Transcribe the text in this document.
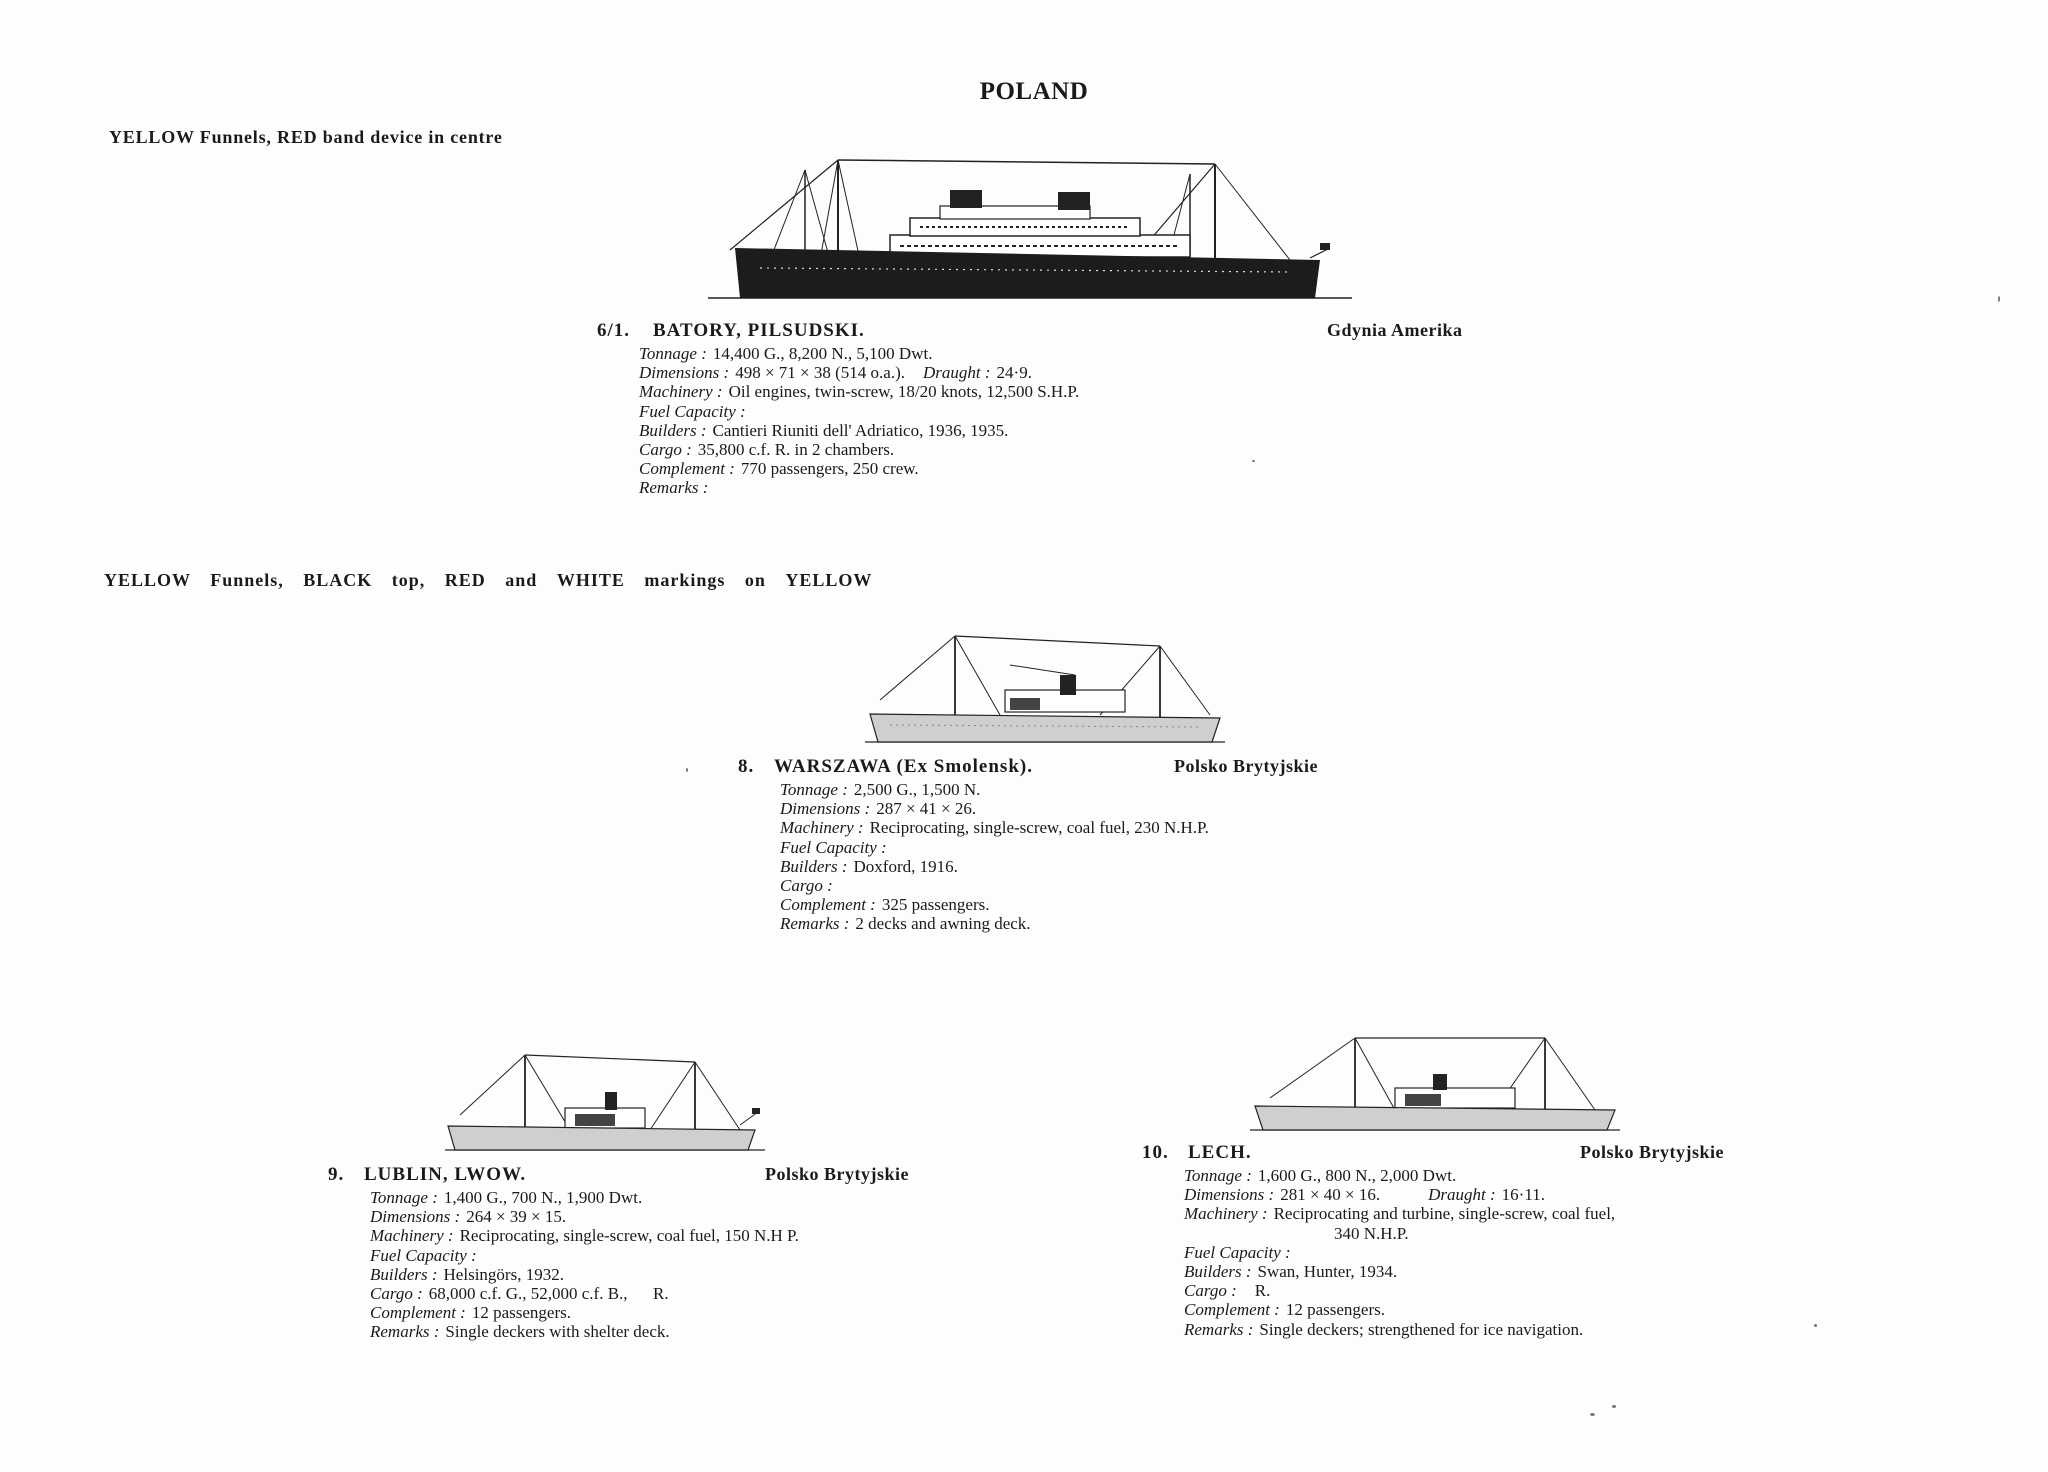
POLAND
YELLOW Funnels, RED band device in centre
6/1. BATORY, PILSUDSKI.	Gdynia Amerika
Tonnage : 14,400 G., 8,200 N., 5,100 Dwt.
Dimensions : 498 × 71 × 38 (514 o.a.). Draught : 24·9.
Machinery : Oil engines, twin-screw, 18/20 knots, 12,500 S.H.P.
Fuel Capacity :
Builders : Cantieri Riuniti dell' Adriatico, 1936, 1935.
Cargo : 35,800 c.f. R. in 2 chambers.
Complement : 770 passengers, 250 crew.
Remarks :
YELLOW Funnels, BLACK top, RED and WHITE markings on YELLOW
8. WARSZAWA (Ex Smolensk).	Polsko Brytyjskie
Tonnage : 2,500 G., 1,500 N.
Dimensions : 287 × 41 × 26.
Machinery : Reciprocating, single-screw, coal fuel, 230 N.H.P.
Fuel Capacity :
Builders : Doxford, 1916.
Cargo :
Complement : 325 passengers.
Remarks : 2 decks and awning deck.
9. LUBLIN, LWOW.	Polsko Brytyjskie
Tonnage : 1,400 G., 700 N., 1,900 Dwt.
Dimensions : 264 × 39 × 15.
Machinery : Reciprocating, single-screw, coal fuel, 150 N.H P.
Fuel Capacity :
Builders : Helsingörs, 1932.
Cargo : 68,000 c.f. G., 52,000 c.f. B.,      R.
Complement : 12 passengers.
Remarks : Single deckers with shelter deck.
10. LECH.	Polsko Brytyjskie
Tonnage : 1,600 G., 800 N., 2,000 Dwt.
Dimensions : 281 × 40 × 16.	Draught : 16·11.
Machinery : Reciprocating and turbine, single-screw, coal fuel,
340 N.H.P.
Fuel Capacity :
Builders : Swan, Hunter, 1934.
Cargo : R.
Complement : 12 passengers.
Remarks : Single deckers; strengthened for ice navigation.
